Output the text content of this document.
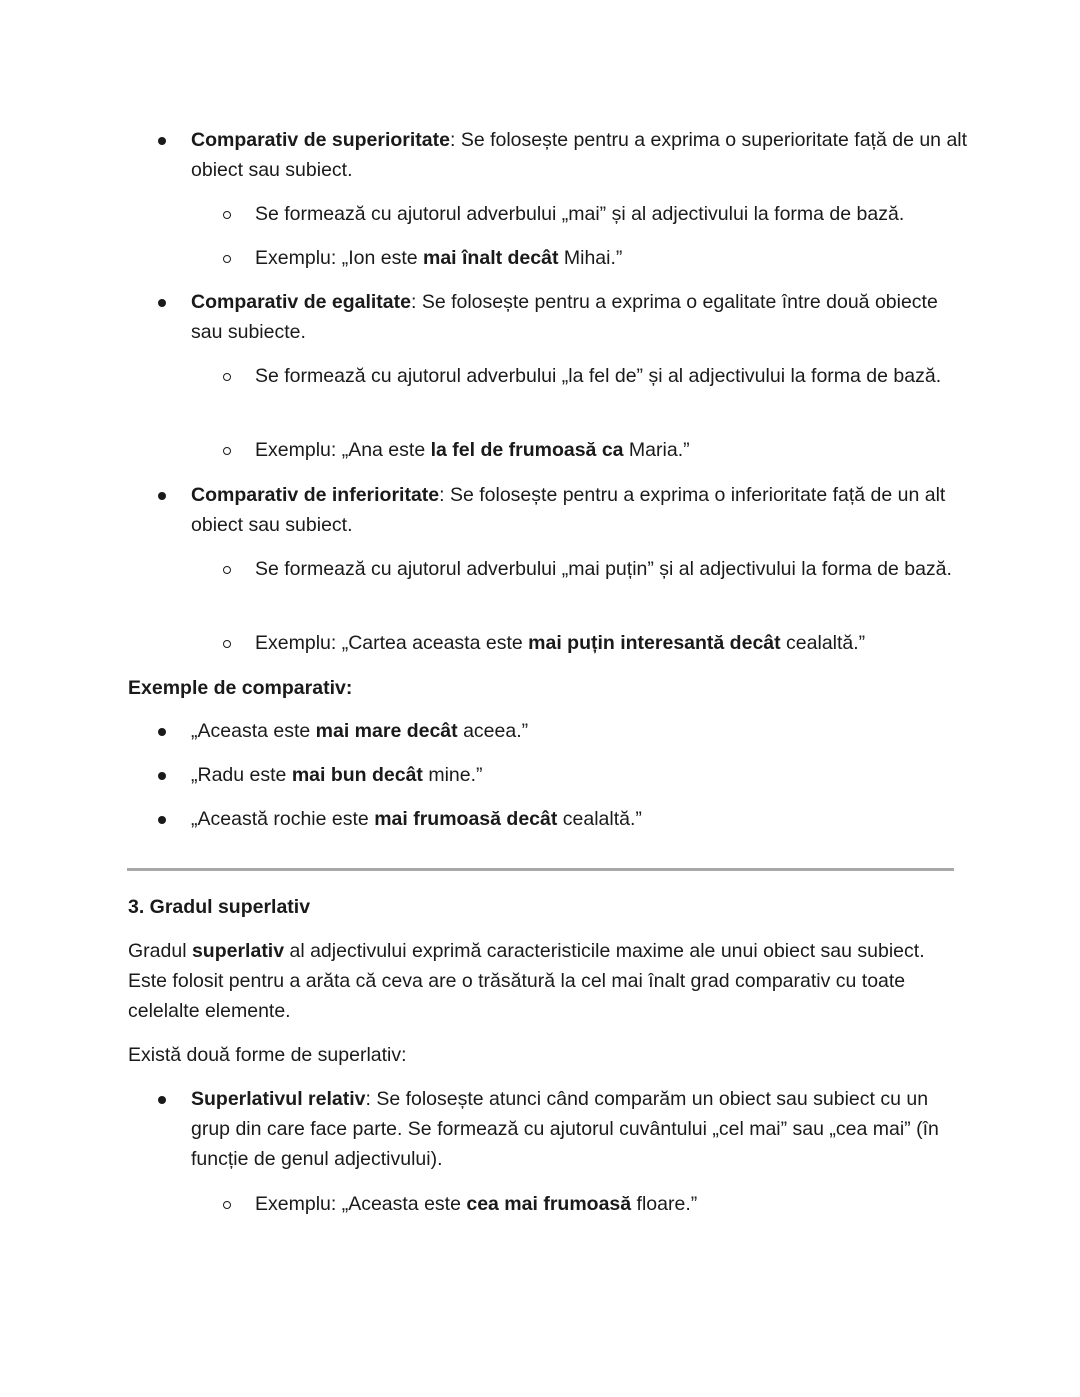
Comparativ de superioritate: Se folosește pentru a exprima o superioritate față de un alt obiect sau subiect.

Se formează cu ajutorul adverbului „mai” și al adjectivului la forma de bază.

Exemplu: „Ion este mai înalt decât Mihai.”

Comparativ de egalitate: Se folosește pentru a exprima o egalitate între două obiecte sau subiecte.

Se formează cu ajutorul adverbului „la fel de” și al adjectivului la forma de bază.

Exemplu: „Ana este la fel de frumoasă ca Maria.”

Comparativ de inferioritate: Se folosește pentru a exprima o inferioritate față de un alt obiect sau subiect.

Se formează cu ajutorul adverbului „mai puțin” și al adjectivului la forma de bază.

Exemplu: „Cartea aceasta este mai puțin interesantă decât cealaltă.”

Exemple de comparativ:

„Aceasta este mai mare decât aceea.”

„Radu este mai bun decât mine.”

„Această rochie este mai frumoasă decât cealaltă.”

3. Gradul superlativ

Gradul superlativ al adjectivului exprimă caracteristicile maxime ale unui obiect sau subiect. Este folosit pentru a arăta că ceva are o trăsătură la cel mai înalt grad comparativ cu toate celelalte elemente.

Există două forme de superlativ:

Superlativul relativ: Se folosește atunci când comparăm un obiect sau subiect cu un grup din care face parte. Se formează cu ajutorul cuvântului „cel mai” sau „cea mai” (în funcție de genul adjectivului).

Exemplu: „Aceasta este cea mai frumoasă floare.”
